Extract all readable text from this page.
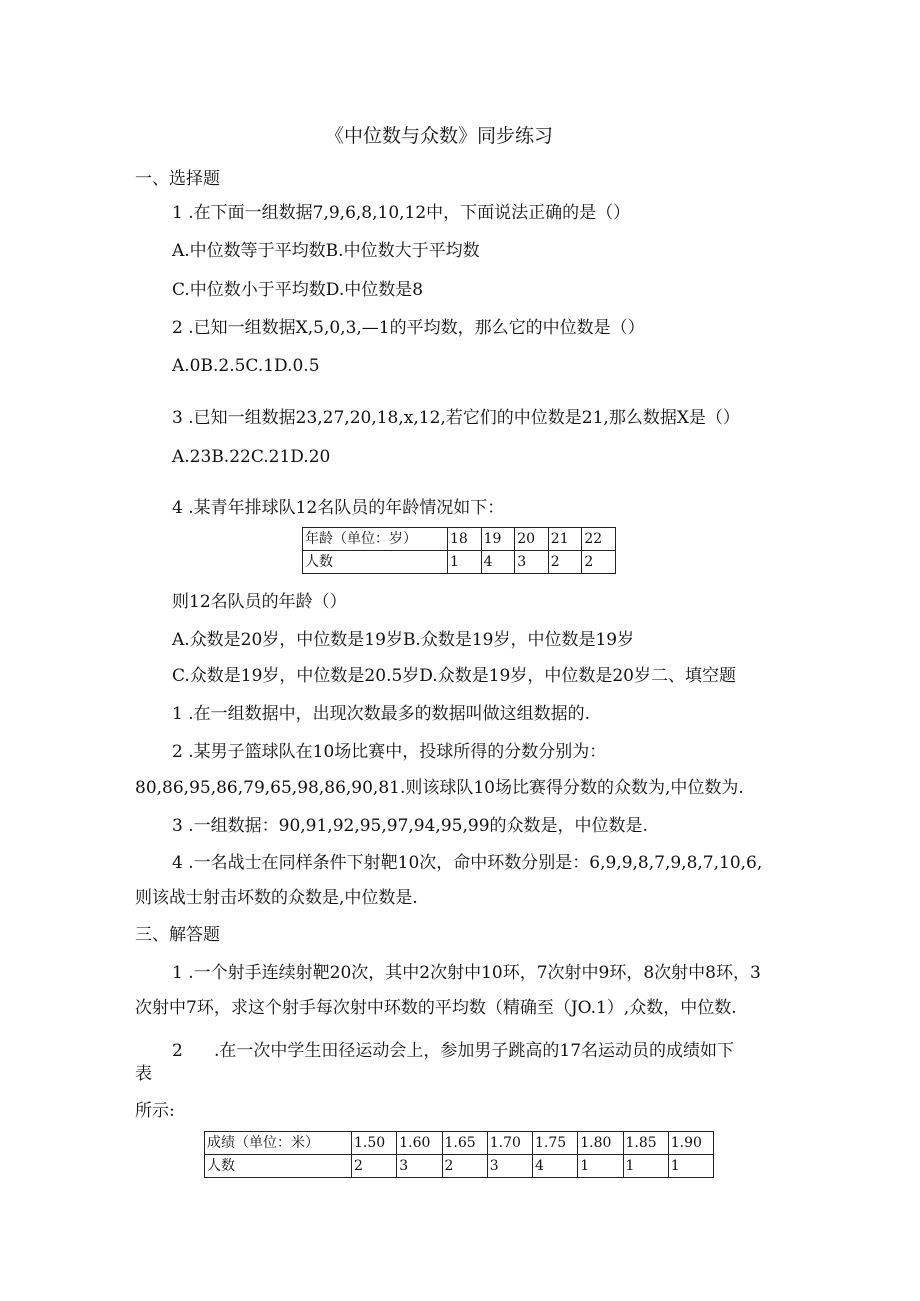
《中位数与众数》同步练习
一、选择题
1 .在下面一组数据7,9,6,8,10,12中，下面说法正确的是（）
A.中位数等于平均数B.中位数大于平均数
C.中位数小于平均数D.中位数是8
2 .已知一组数据X,5,0,3,—1的平均数，那么它的中位数是（）
A.0B.2.5C.1D.0.5
3 .已知一组数据23,27,20,18,x,12,若它们的中位数是21,那么数据X是（）
A.23B.22C.21D.20
4 .某青年排球队12名队员的年龄情况如下：
年龄（单位：岁）	18	19	20	21	22
人数	1	4	3	2	2
则12名队员的年龄（）
A.众数是20岁，中位数是19岁B.众数是19岁，中位数是19岁
C.众数是19岁，中位数是20.5岁D.众数是19岁，中位数是20岁二、填空题
1 .在一组数据中，出现次数最多的数据叫做这组数据的.
2 .某男子篮球队在10场比赛中，投球所得的分数分别为：
80,86,95,86,79,65,98,86,90,81.则该球队10场比赛得分数的众数为,中位数为.
3 .一组数据：90,91,92,95,97,94,95,99的众数是，中位数是.
4 .一名战士在同样条件下射靶10次，命中环数分别是：6,9,9,8,7,9,8,7,10,6,
则该战士射击坏数的众数是,中位数是.
三、解答题
1 .一个射手连续射靶20次，其中2次射中10环，7次射中9环，8次射中8环，3
次射中7环，求这个射手每次射中环数的平均数（精确至（JO.1）,众数，中位数.
2 .在一次中学生田径运动会上，参加男子跳高的17名运动员的成绩如下
表
所示:
成绩（单位：米）	1.50	1.60	1.65	1.70	1.75	1.80	1.85	1.90
人数	2	3	2	3	4	1	1	1
